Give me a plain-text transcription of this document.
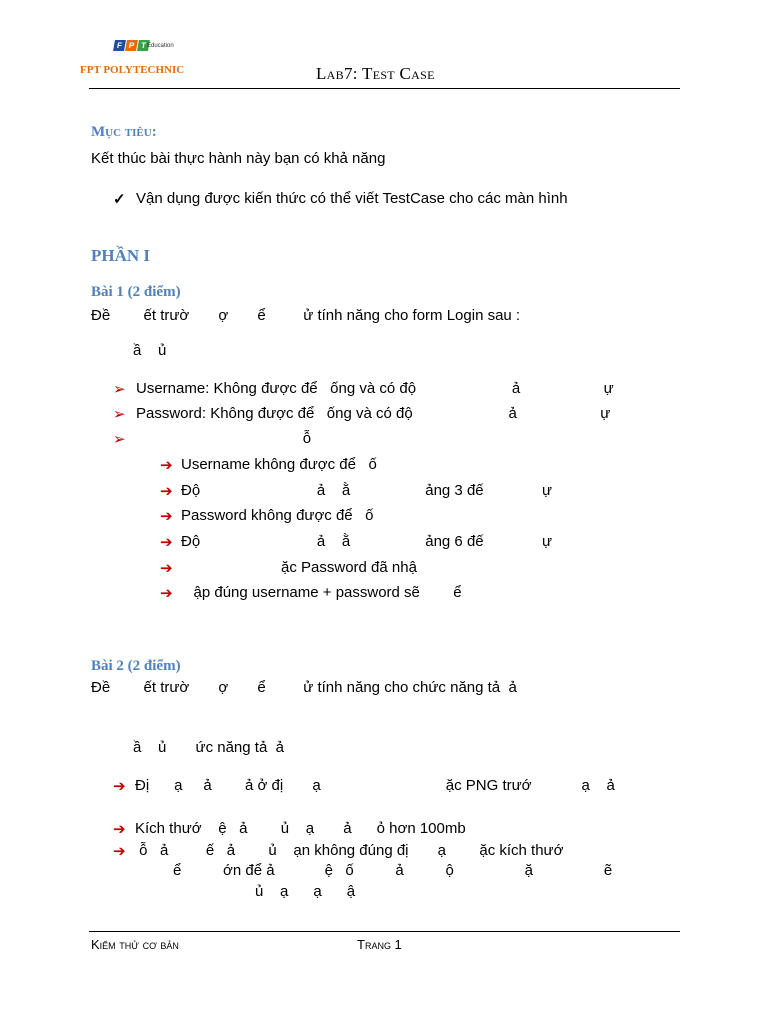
F P T Education
FPT POLYTECHNIC	Lab7: Test Case
Mục tiêu:
Kết thúc bài thực hành này bạn có khả năng
✓ Vận dụng được kiến thức có thể viết TestCase cho các màn hình
PHẦN I
Bài 1 (2 điểm)
Đề        ết trườ       ợ       ể         ử tính năng cho form Login sau :
ầ    ủ
➢ Username: Không được để   ống và có độ                       ả                    ự
➢ Password: Không được để   ống và có độ                       ả                    ự
➢ ỗ
➔ Username không được để   ố
➔ Độ                            ả    ằ                  ảng 3 đế              ự
➔ Password không được để   ố
➔ Độ                            ả    ằ                  ảng 6 đế              ự
➔ ặc Password đã nhậ
➔ ập đúng username + password sẽ        ể
Bài 2 (2 điểm)
Đề        ết trườ       ợ       ể         ử tính năng cho chức năng tả  ả
ầ    ủ       ức năng tả  ả
➔ Đị      ạ     ả        ả ở đị       ạ                              ặc PNG trướ            ạ    ả
➔ Kích thướ    ệ   ả        ủ    ạ       ả      ỏ hơn 100mb
➔ ỗ   ả         ế   ả        ủ    ạn không đúng đị       ạ        ặc kích thướ
ể          ớn để ả            ệ   ố          ả          ộ                 ặ                 ẽ
ủ    ạ      ạ      ậ
Kiểm thử cơ bản	Trang 1
